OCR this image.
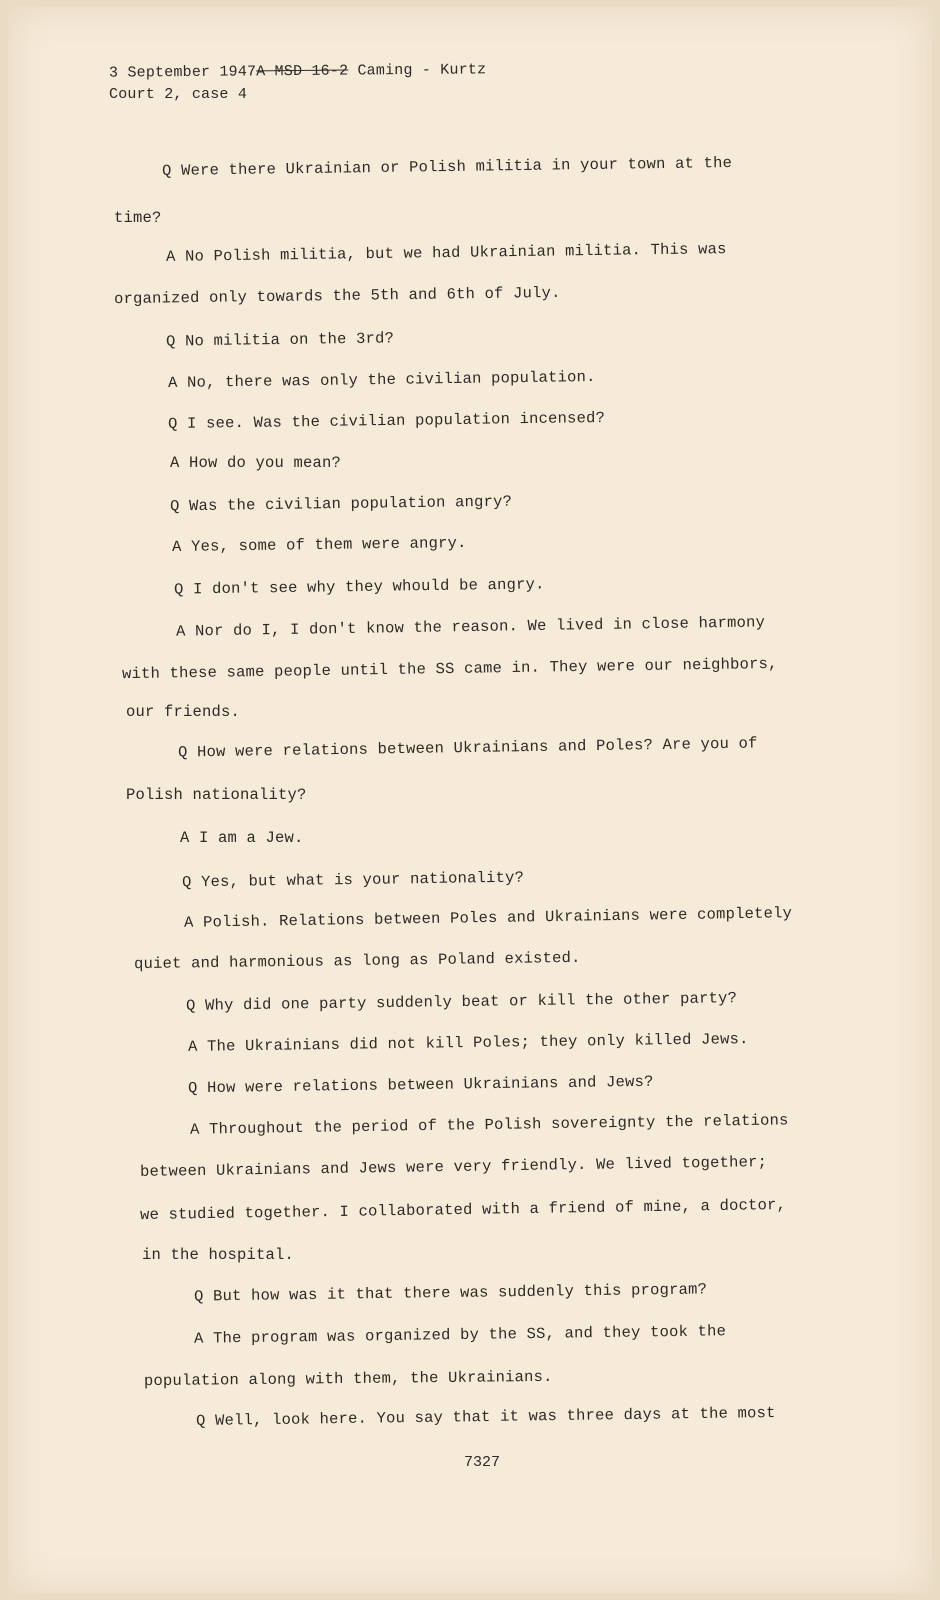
3 September 1947A MSD 16-2 Caming - Kurtz
Court 2, case 4
Q Were there Ukrainian or Polish militia in your town at the
time?
A No Polish militia, but we had Ukrainian militia. This was
organized only towards the 5th and 6th of July.
Q No militia on the 3rd?
A No, there was only the civilian population.
Q I see. Was the civilian population incensed?
A How do you mean?
Q Was the civilian population angry?
A Yes, some of them were angry.
Q I don't see why they whould be angry.
A Nor do I, I don't know the reason. We lived in close harmony
with these same people until the SS came in. They were our neighbors,
our friends.
Q How were relations between Ukrainians and Poles? Are you of
Polish nationality?
A I am a Jew.
Q Yes, but what is your nationality?
A Polish. Relations between Poles and Ukrainians were completely
quiet and harmonious as long as Poland existed.
Q Why did one party suddenly beat or kill the other party?
A The Ukrainians did not kill Poles; they only killed Jews.
Q How were relations between Ukrainians and Jews?
A Throughout the period of the Polish sovereignty the relations
between Ukrainians and Jews were very friendly. We lived together;
we studied together. I collaborated with a friend of mine, a doctor,
in the hospital.
Q But how was it that there was suddenly this program?
A The program was organized by the SS, and they took the
population along with them, the Ukrainians.
Q Well, look here. You say that it was three days at the most
7327
